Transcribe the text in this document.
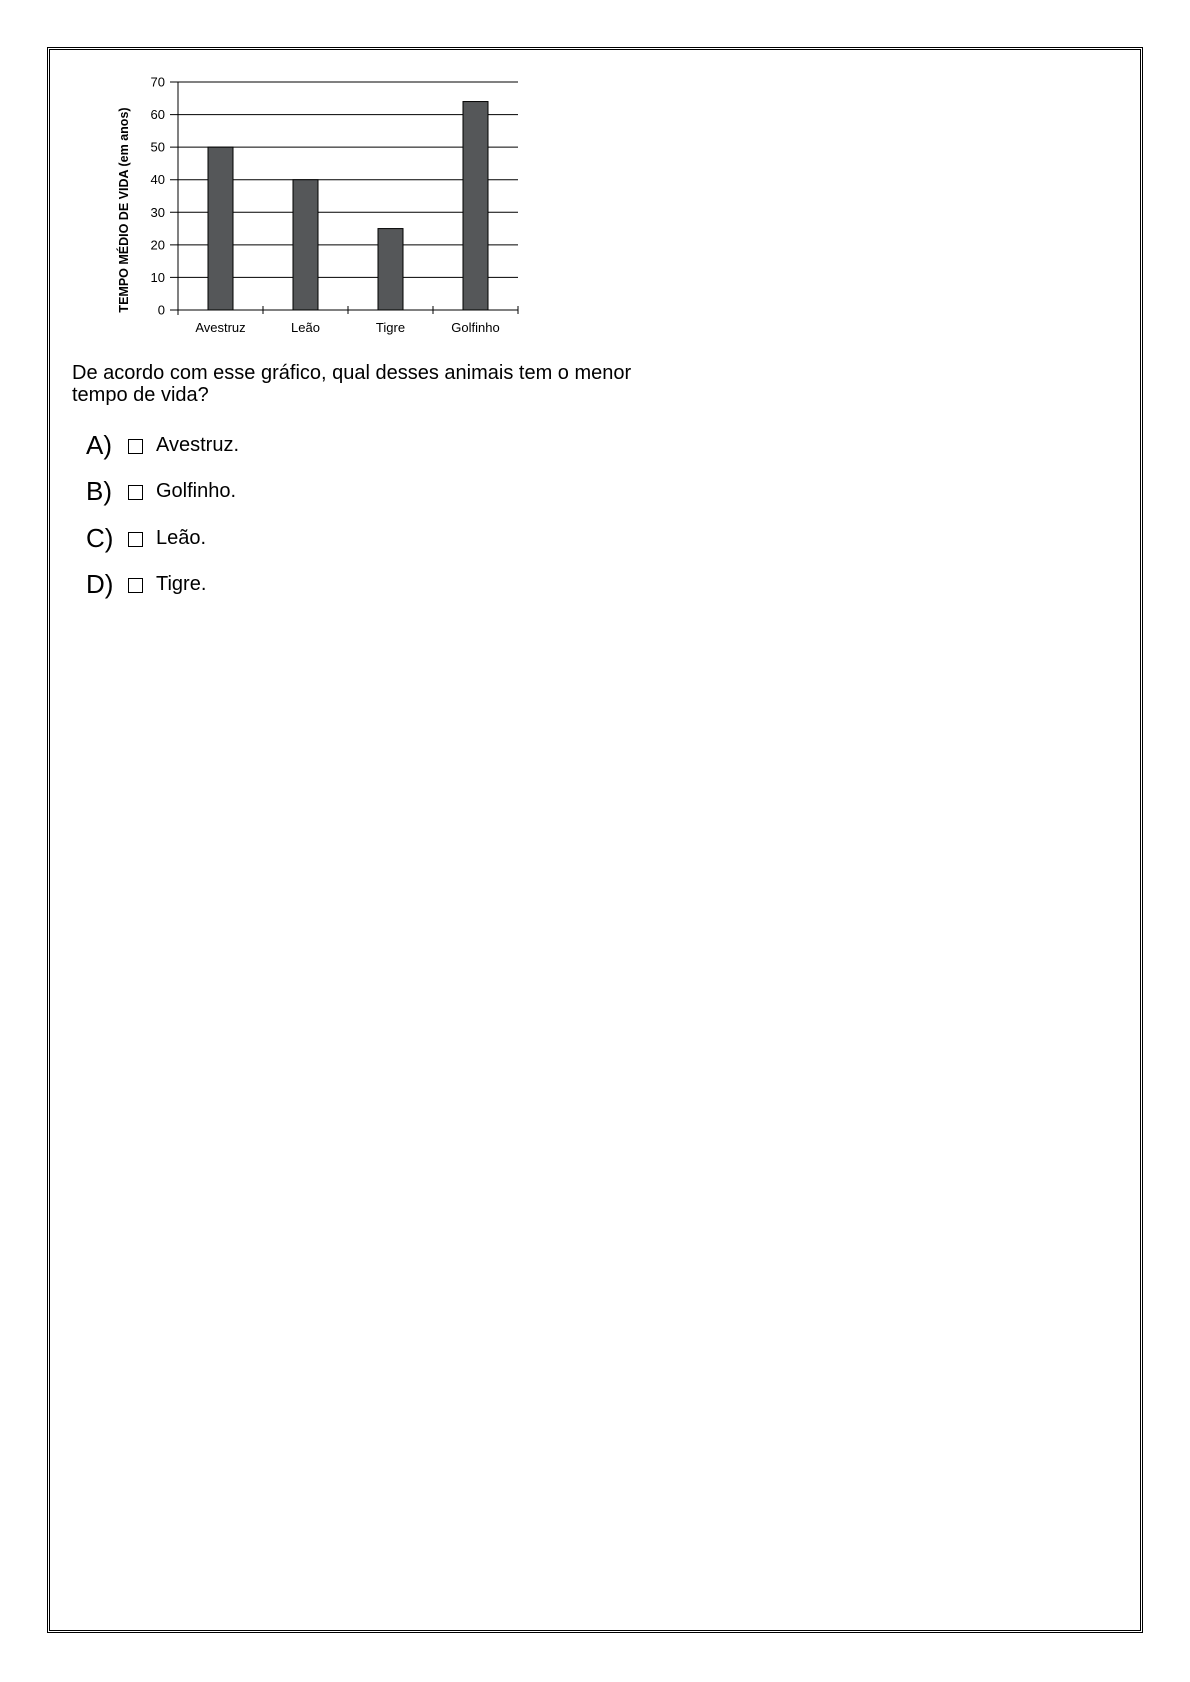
TEMPO MÉDIO DE VIDA (em anos) 0
10
20
30
40
50
60
70
Avestruz	Leão	Tigre	Golfinho
De acordo com esse gráfico, qual desses animais tem o menor tempo de vida?
A)	Avestruz.
B)	Golfinho.
C)	Leão.
D)	Tigre.
